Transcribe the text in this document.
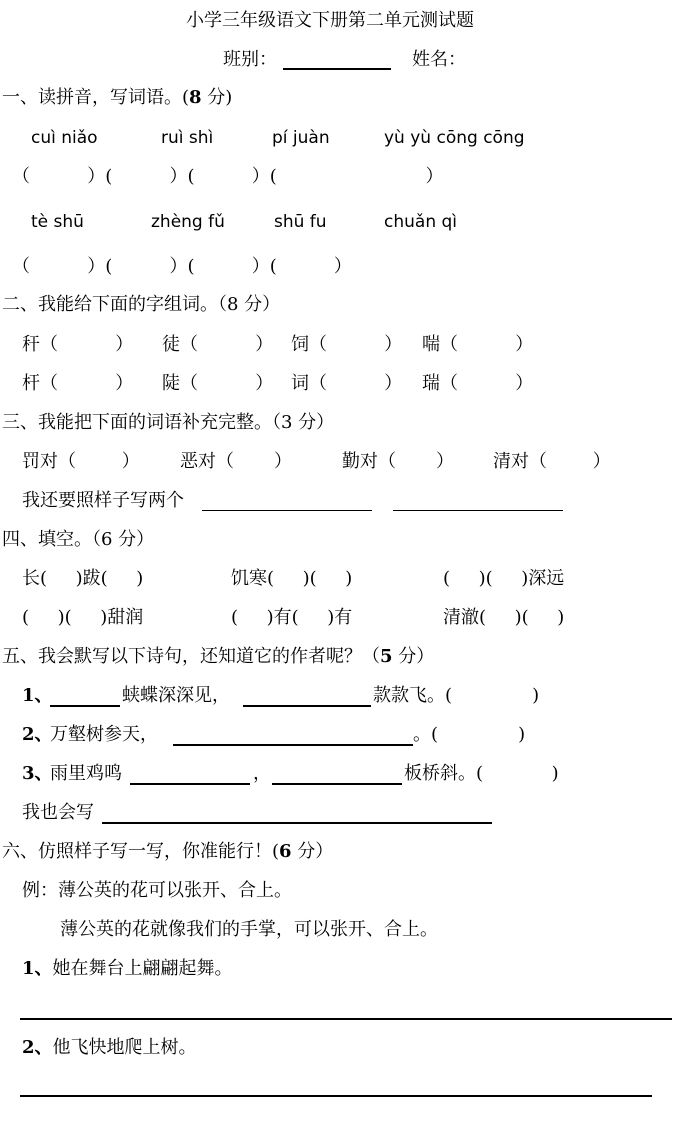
小学三年级语文下册第二单元测试题
班别：	姓名：
一、读拼音，写词语。(8 分)
cuì niǎo	ruì shì	pí juàn	yù yù cōng cōng
（          ）(          ）(          ）(                          ）
tè shū	zhèng fǔ	shū fu	chuǎn qì
（          ）(          ）(          ）(          ）
二、我能给下面的字组词。（8 分）
秆（          ） 徒（          ） 饲（          ） 喘（          ）
杆（          ） 陡（          ） 词（          ） 瑞（          ）
三、我能把下面的词语补充完整。（3 分）
罚对（        ） 恶对（       ）	勤对（       ） 清对（        ）
我还要照样子写两个
四、填空。（6 分）
长(     )跋(     )	饥寒(     )(     )	(     )(     )深远
(     )(     )甜润	(     )有(     )有	清澈(     )(     )
五、我会默写以下诗句，还知道它的作者呢？（5 分）
1、	蛱蝶深深见，	款款飞。(              )
2、
万壑树参天，	。(              )
3、
雨里鸡鸣	，	板桥斜。(            )
我也会写
六、仿照样子写一写，你准能行！(6 分）
例：薄公英的花可以张开、合上。
薄公英的花就像我们的手掌，可以张开、合上。
1、她在舞台上翩翩起舞。
2、他飞快地爬上树。
